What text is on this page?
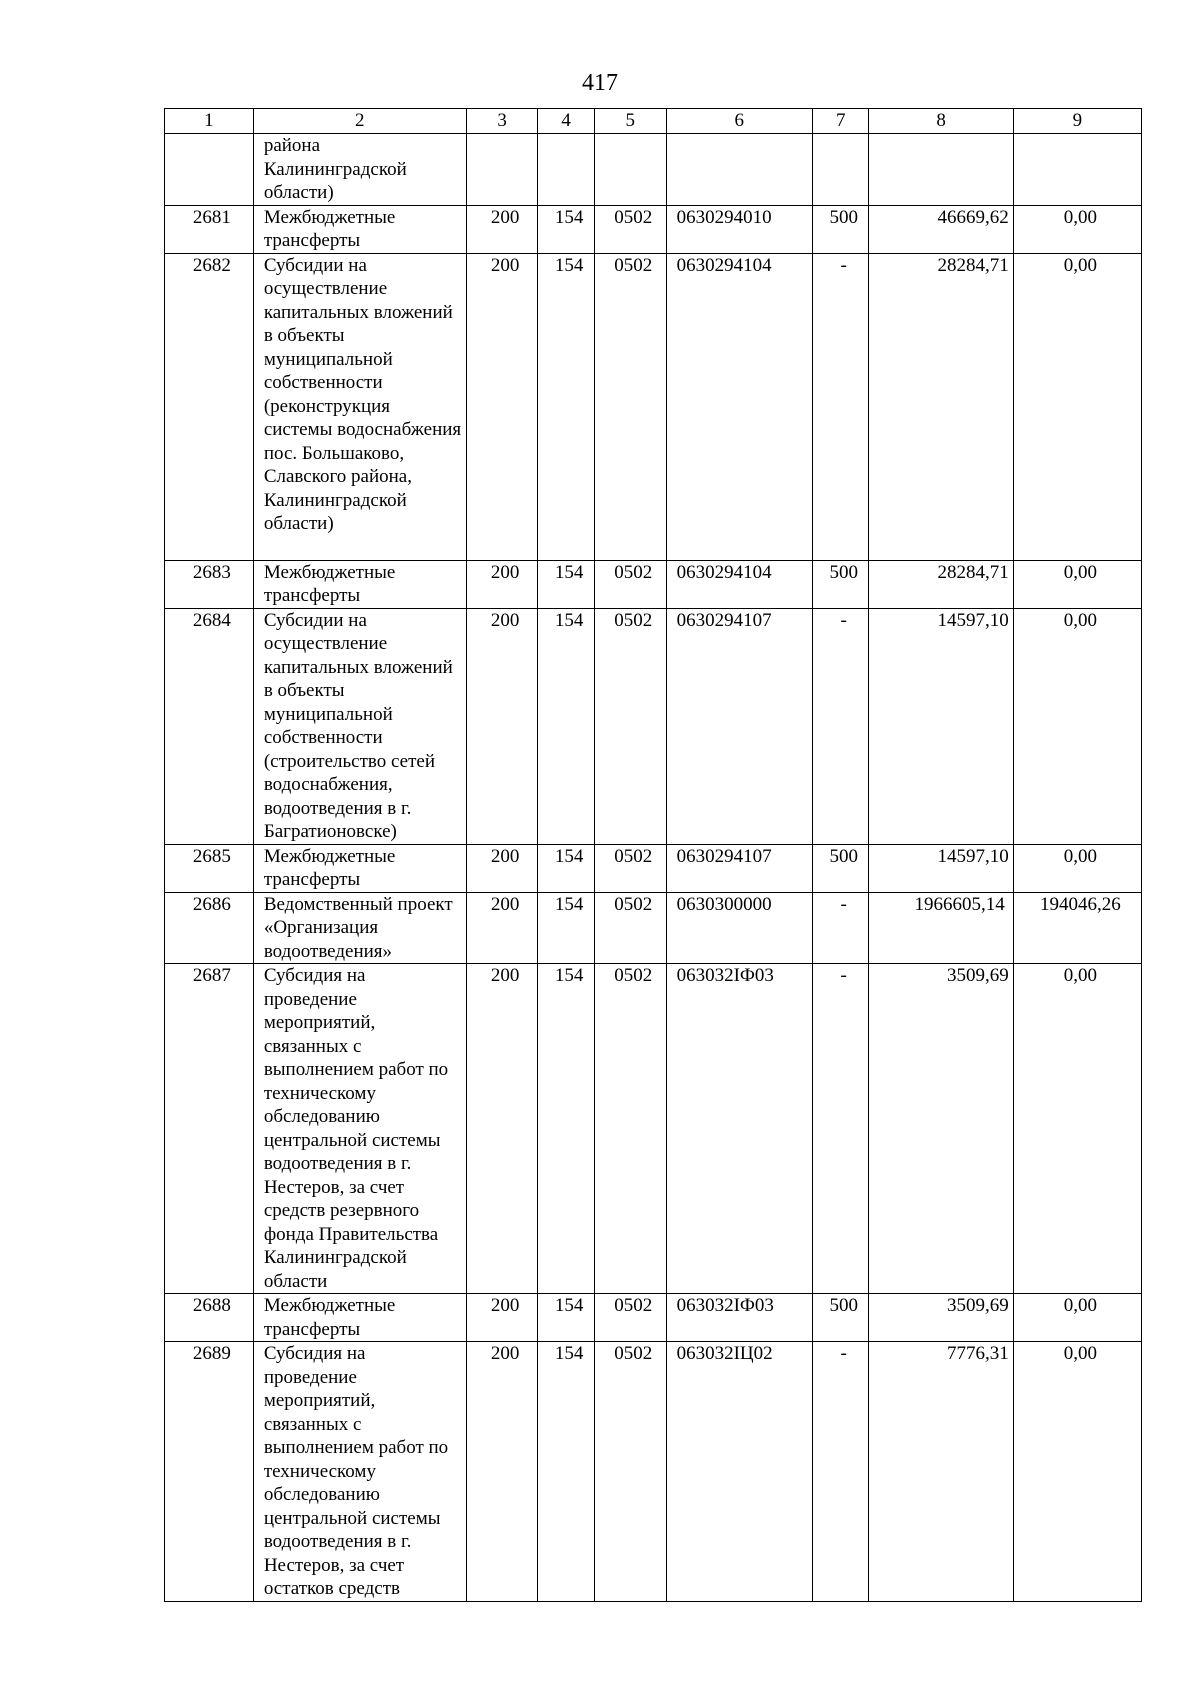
417
1	2	3	4	5	6	7	8	9
	района Калининградской области)							
2681	Межбюджетные трансферты	200	154	0502	0630294010	500	46669,62	0,00
2682	Субсидии на осуществление капитальных вложений в объекты муниципальной собственности (реконструкция системы водоснабжения пос. Большаково, Славского района, Калининградской области)	200	154	0502	0630294104	-	28284,71	0,00
2683	Межбюджетные трансферты	200	154	0502	0630294104	500	28284,71	0,00
2684	Субсидии на осуществление капитальных вложений в объекты муниципальной собственности (строительство сетей водоснабжения, водоотведения в г. Багратионовске)	200	154	0502	0630294107	-	14597,10	0,00
2685	Межбюджетные трансферты	200	154	0502	0630294107	500	14597,10	0,00
2686	Ведомственный проект «Организация водоотведения»	200	154	0502	0630300000	-	1966605,14	194046,26
2687	Субсидия на проведение мероприятий, связанных с выполнением работ по техническому обследованию центральной системы водоотведения в г. Нестеров, за счет средств резервного фонда Правительства Калининградской области	200	154	0502	063032ІФ03	-	3509,69	0,00
2688	Межбюджетные трансферты	200	154	0502	063032ІФ03	500	3509,69	0,00
2689	Субсидия на проведение мероприятий, связанных с выполнением работ по техническому обследованию центральной системы водоотведения в г. Нестеров, за счет остатков средств	200	154	0502	063032ІЦ02	-	7776,31	0,00
